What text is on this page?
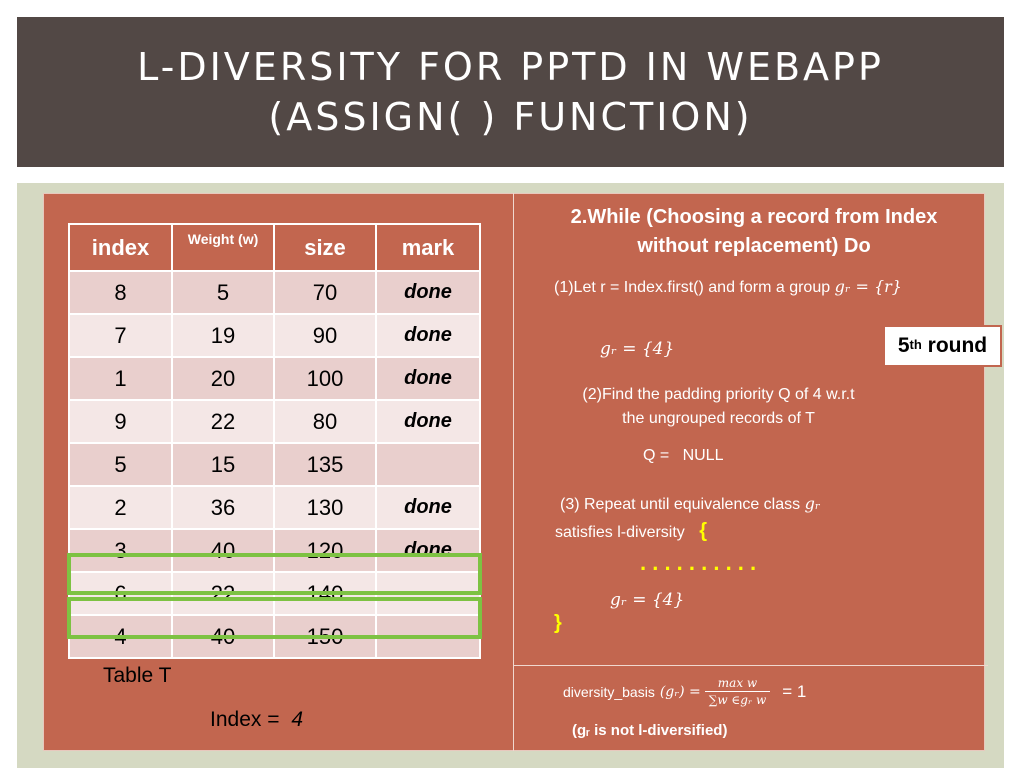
L-DIVERSITY FOR PPTD IN WEBAPP
(ASSIGN( ) FUNCTION)
index	Weight (w)	size	mark
8	5	70	done
7	19	90	done
1	20	100	done
9	22	80	done
5	15	135	
2	36	130	done
3	40	120	done
6	22	140	
4	40	150	
Table T
Index = 4
2.While (Choosing a record from Index
without replacement) Do
(1)Let r = Index.first() and form a group gᵣ = {r}
gᵣ = {4}	5th
round
(2)Find the padding priority Q of 4 w.r.t
the ungrouped records of T
Q =   NULL
(3) Repeat until equivalence class gᵣ
satisfies l-diversity {
. . . . . . . . . .
gᵣ = {4}
}
diversity_basis (gᵣ) = $\frac{\text{max w}}{\text{∑w ∈gᵣ w}} = 1$
(gᵣ is not l-diversified)
